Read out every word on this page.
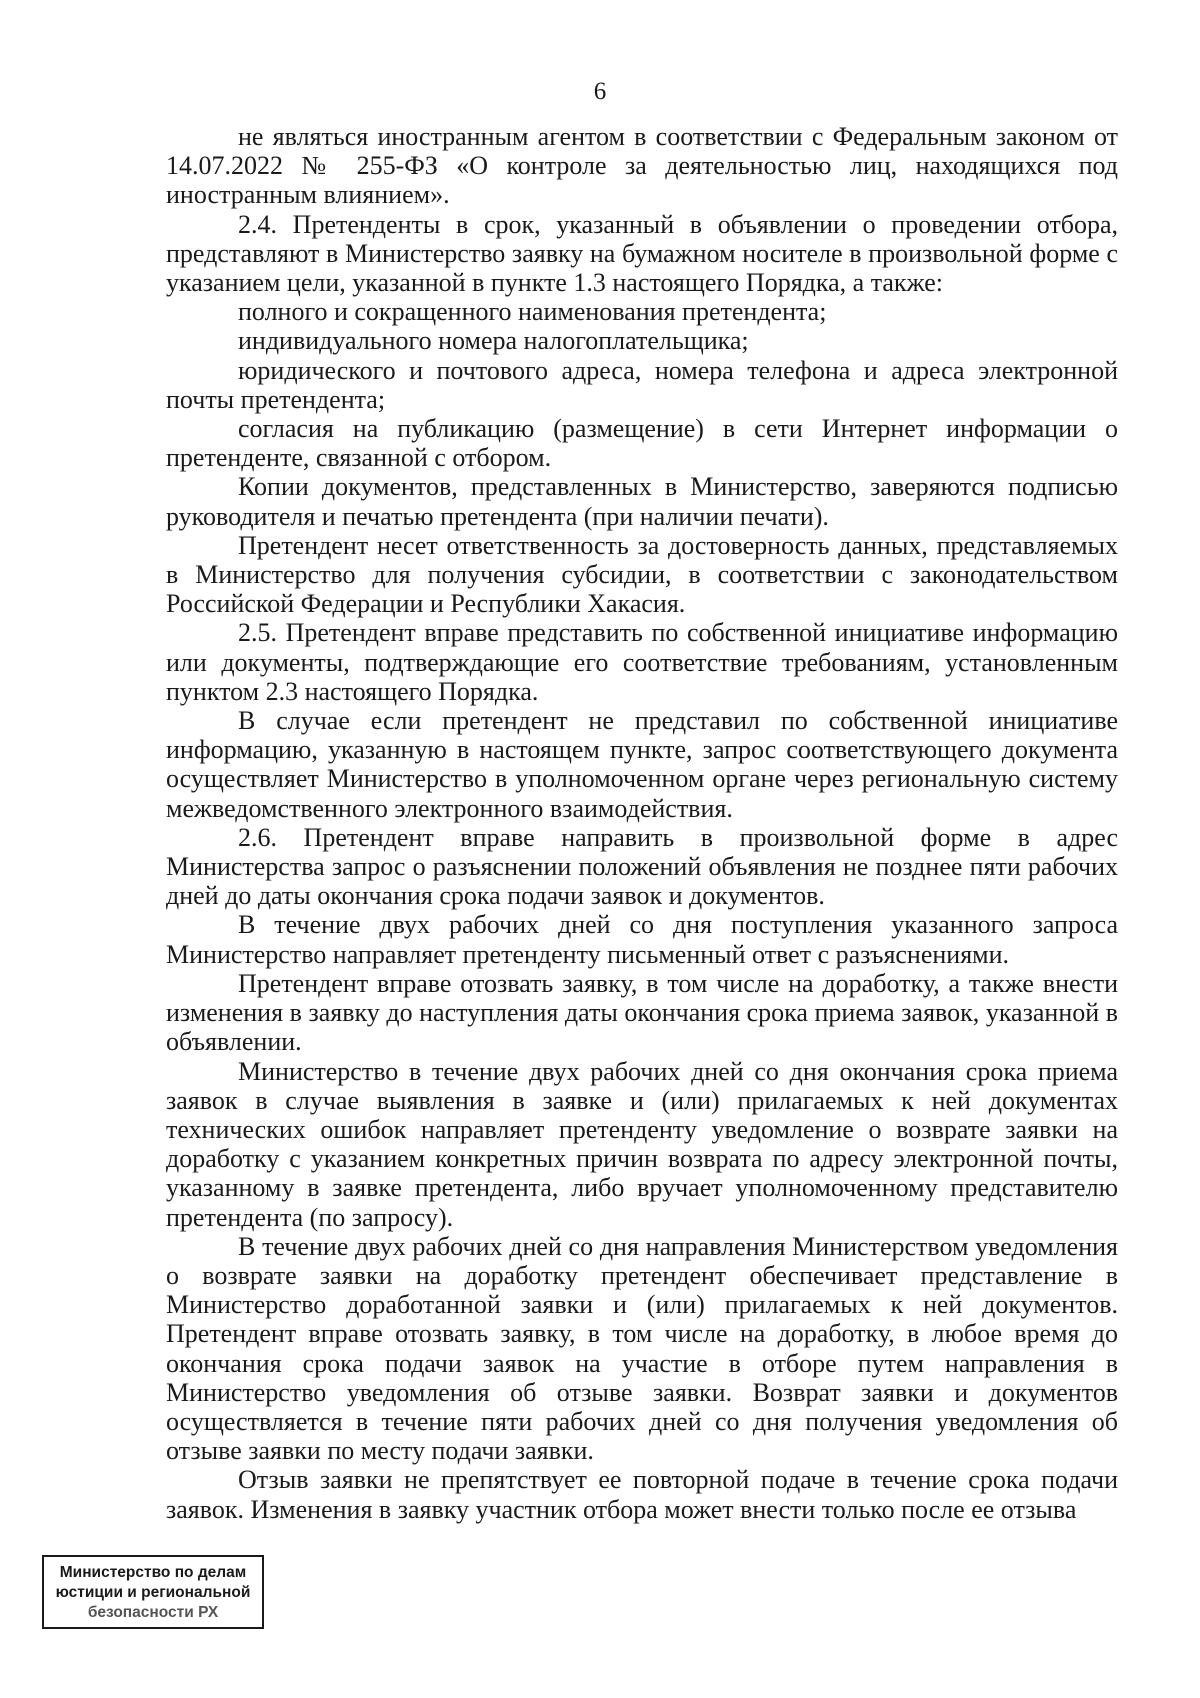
6

не являться иностранным агентом в соответствии с Федеральным законом от 14.07.2022 № 255-ФЗ «О контроле за деятельностью лиц, находящихся под иностранным влиянием».

2.4. Претенденты в срок, указанный в объявлении о проведении отбора, представляют в Министерство заявку на бумажном носителе в произвольной форме с указанием цели, указанной в пункте 1.3 настоящего Порядка, а также:

полного и сокращенного наименования претендента;

индивидуального номера налогоплательщика;

юридического и почтового адреса, номера телефона и адреса электронной почты претендента;

согласия на публикацию (размещение) в сети Интернет информации о претенденте, связанной с отбором.

Копии документов, представленных в Министерство, заверяются подписью руководителя и печатью претендента (при наличии печати).

Претендент несет ответственность за достоверность данных, представляемых в Министерство для получения субсидии, в соответствии с законодательством Российской Федерации и Республики Хакасия.

2.5. Претендент вправе представить по собственной инициативе информацию или документы, подтверждающие его соответствие требованиям, установленным пунктом 2.3 настоящего Порядка.

В случае если претендент не представил по собственной инициативе информацию, указанную в настоящем пункте, запрос соответствующего документа осуществляет Министерство в уполномоченном органе через региональную систему межведомственного электронного взаимодействия.

2.6. Претендент вправе направить в произвольной форме в адрес Министерства запрос о разъяснении положений объявления не позднее пяти рабочих дней до даты окончания срока подачи заявок и документов.

В течение двух рабочих дней со дня поступления указанного запроса Министерство направляет претенденту письменный ответ с разъяснениями.

Претендент вправе отозвать заявку, в том числе на доработку, а также внести изменения в заявку до наступления даты окончания срока приема заявок, указанной в объявлении.

Министерство в течение двух рабочих дней со дня окончания срока приема заявок в случае выявления в заявке и (или) прилагаемых к ней документах технических ошибок направляет претенденту уведомление о возврате заявки на доработку с указанием конкретных причин возврата по адресу электронной почты, указанному в заявке претендента, либо вручает уполномоченному представителю претендента (по запросу).

В течение двух рабочих дней со дня направления Министерством уведомления о возврате заявки на доработку претендент обеспечивает представление в Министерство доработанной заявки и (или) прилагаемых к ней документов. Претендент вправе отозвать заявку, в том числе на доработку, в любое время до окончания срока подачи заявок на участие в отборе путем направления в Министерство уведомления об отзыве заявки. Возврат заявки и документов осуществляется в течение пяти рабочих дней со дня получения уведомления об отзыве заявки по месту подачи заявки.

Отзыв заявки не препятствует ее повторной подаче в течение срока подачи заявок. Изменения в заявку участник отбора может внести только после ее отзыва

Министерство по делам
юстиции и региональной
безопасности РХ
